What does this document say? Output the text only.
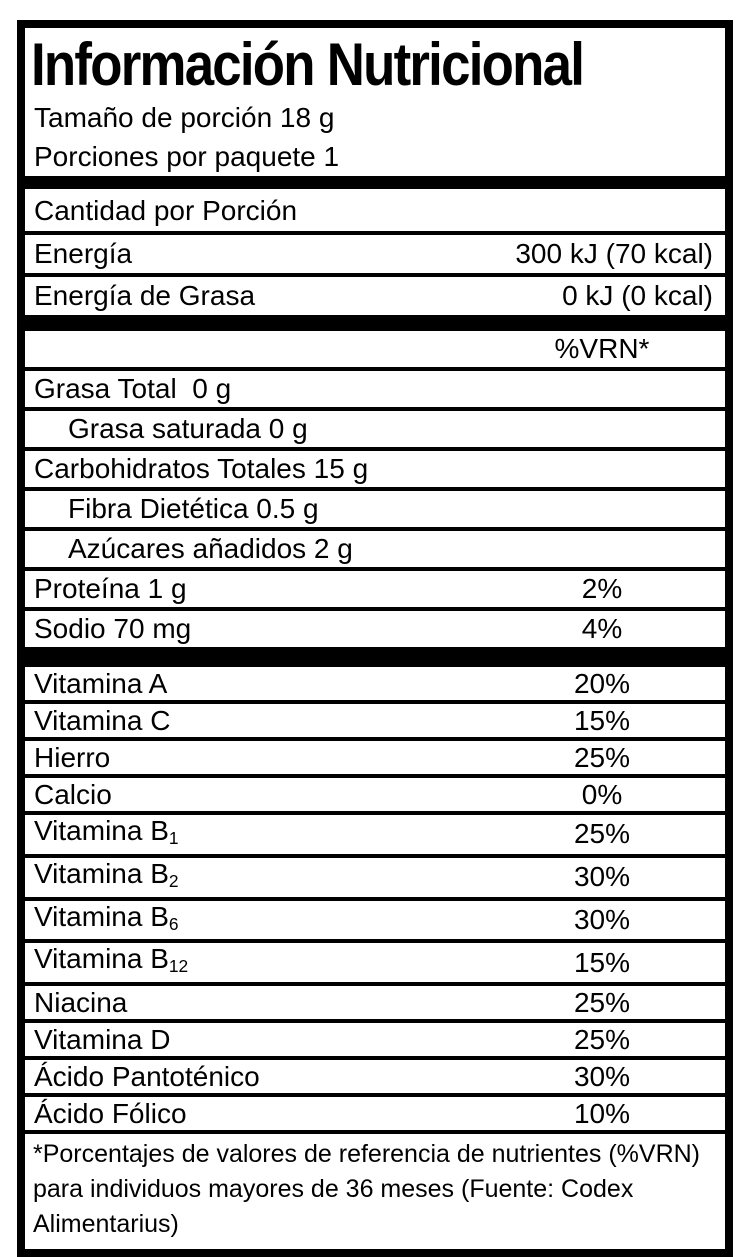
Información Nutricional
Tamaño de porción 18 g
Porciones por paquete 1
Cantidad por Porción
Energía	300 kJ (70 kcal)
Energía de Grasa	0 kJ (0 kcal)
%VRN*
Grasa Total  0 g
Grasa saturada 0 g
Carbohidratos Totales 15 g
Fibra Dietética 0.5 g
Azúcares añadidos 2 g
Proteína 1 g	2%
Sodio 70 mg	4%
Vitamina A	20%
Vitamina C	15%
Hierro	25%
Calcio	0%
Vitamina $B_1$	25%
Vitamina $B_2$	30%
Vitamina $B_6$	30%
Vitamina $B_{12}$	15%
Niacina	25%
Vitamina D	25%
Ácido Pantoténico	30%
Ácido Fólico	10%
*Porcentajes de valores de referencia de nutrientes (%VRN) para individuos mayores de 36 meses (Fuente: Codex Alimentarius)
